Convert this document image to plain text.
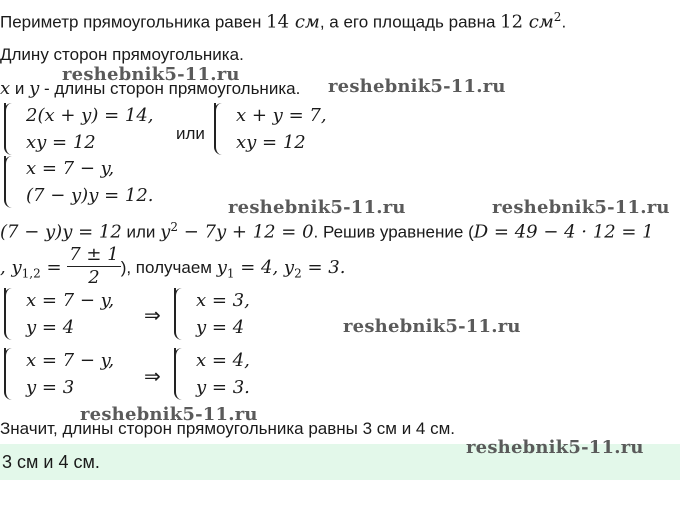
Периметр прямоугольника равен 14 см, а его площадь равна 12 $см^2$.
Длину сторон прямоугольника.
x и y - длины сторон прямоугольника.
2(x + y) = 14,
xy = 12	или
x + y = 7,
xy = 12
x = 7 − y,
(7 − y)y = 12.
(7 − y)y = 12 или $y^2 - 7y + 12 = 0$. Решив уравнение (D = 49 − 4 · 12 = 1
, $y_{1,2} = \frac{7 \pm 1}{2}$ ), получаем $y_1 = 4$, $y_2 = 3$.
x = 7 − y,
y = 4
⇒
x = 3,
y = 4
x = 7 − y,
y = 3	⇒
x = 4,
y = 3.
Значит, длины сторон прямоугольника равны 3 см и 4 см.
3 см и 4 см.
reshebnik5-11.ru
reshebnik5-11.ru
reshebnik5-11.ru	reshebnik5-11.ru
reshebnik5-11.ru
reshebnik5-11.ru
reshebnik5-11.ru
